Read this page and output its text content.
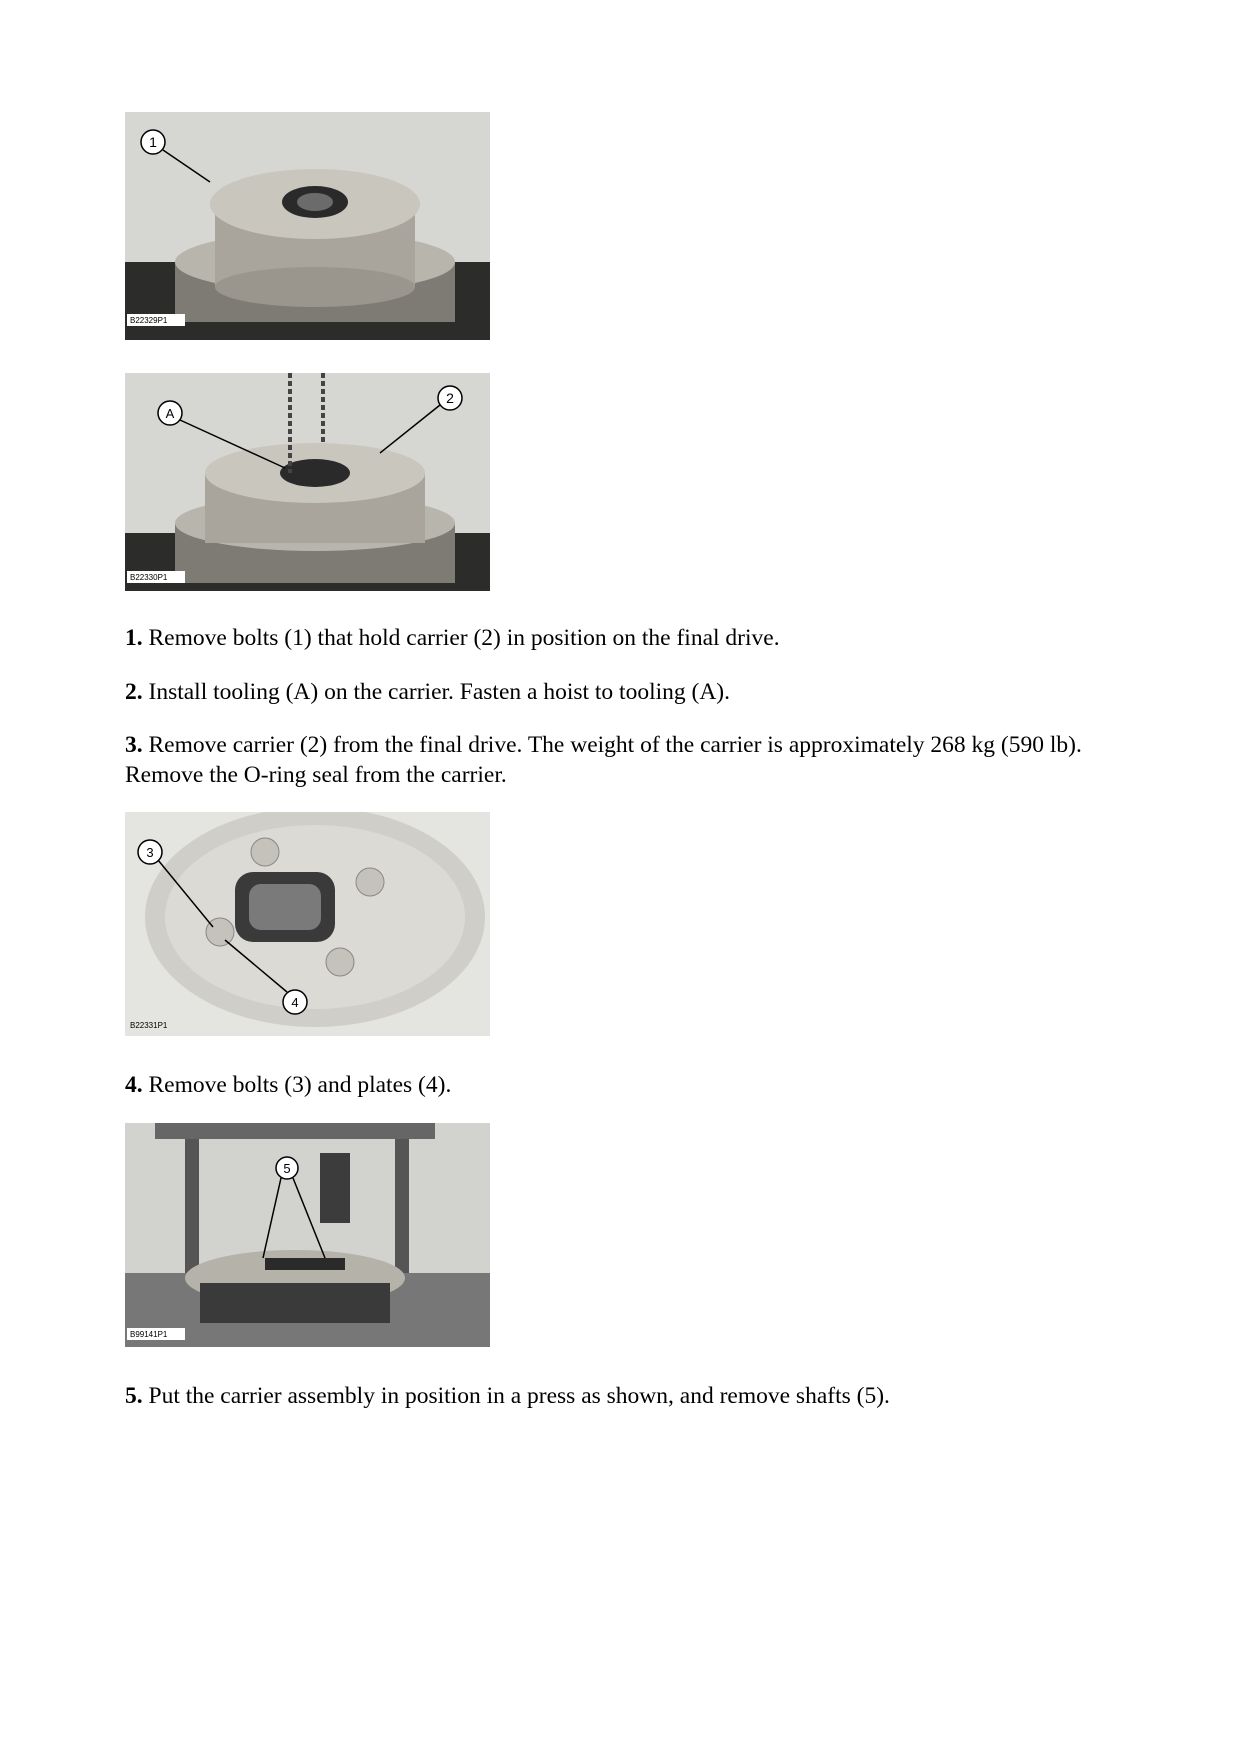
1
B22329P1
A
2
B22330P1

1. Remove bolts (1) that hold carrier (2) in position on the final drive.

2. Install tooling (A) on the carrier. Fasten a hoist to tooling (A).

3. Remove carrier (2) from the final drive. The weight of the carrier is approximately 268 kg (590 lb). Remove the O-ring seal from the carrier.

3
4
B22331P1

4. Remove bolts (3) and plates (4).

5
B99141P1

5. Put the carrier assembly in position in a press as shown, and remove shafts (5).
